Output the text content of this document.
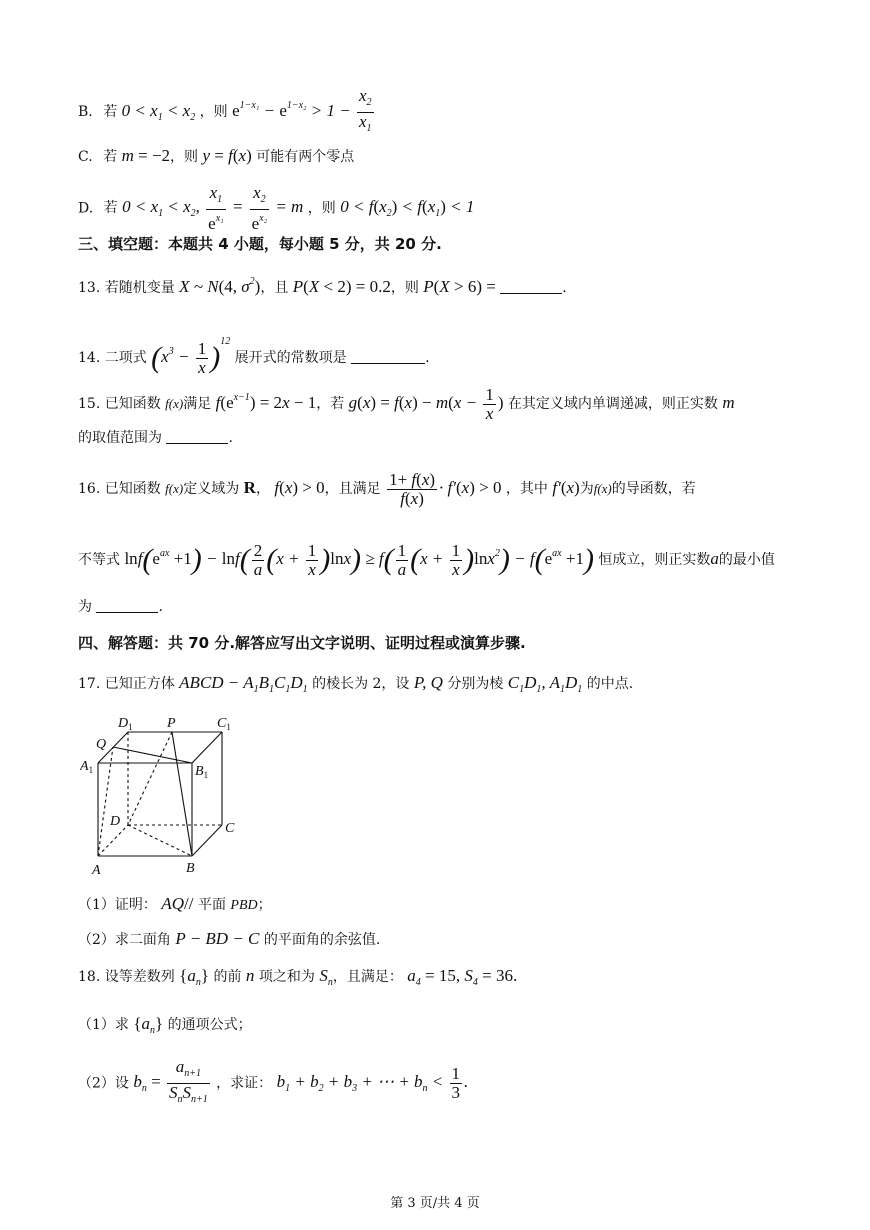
B. 若 $0 < x_1 < x_2$ ，则 $e^{1-x_1} - e^{1-x_2} > 1 - \frac{x_2}{x_1}$
C. 若 m = −2，则 y = f(x) 可能有两个零点
D. 若 $0 < x_1 < x_2$, $\frac{x_1}{e^{x_1}} = \frac{x_2}{e^{x_2}} = m$ ，则 $0 < f(x_2) < f(x_1) < 1$
三、填空题：本题共 4 小题，每小题 5 分，共 20 分.
13. 若随机变量 X ~ N(4, $\sigma^2$)，且 P(X < 2) = 0.2，则 P(X > 6) =	.
14. 二项式 $(x^3 - \frac{1}{x} )^{12}$ 展开式的常数项是	.
15. 已知函数 f(x)满足 $f(e^{x-1}) = 2x - 1$，若 $g(x) = f(x) - m(x - \frac{1}{x}$ ) 在其定义域内单调递减，则正实数 m
的取值范围为	.
16. 已知函数 f(x)定义域为 R， f(x) > 0，且满足 $\frac{1+ f(x)}{f(x)} \cdot f'(x) > 0$ ，其中 f′(x)为f(x)的导函数，若
不等式 $\ln f(e^{ax} +1) - \ln f( \frac{2}{a} (x + \frac{1}{x} )\ln x) \ge f( \frac{1}{a} (x + \frac{1}{x} )\ln x^2) - f(e^{ax} +1)$ 恒成立，则正实数a的最小值
为	.
四、解答题：共 70 分.解答应写出文字说明、证明过程或演算步骤.
17. 已知正方体 ABCD − $A_1B_1C_1D_1$ 的棱长为 2，设 P, Q 分别为棱 $C_1D_1$, $A_1D_1$ 的中点.
$D_1$ P	$C_1$
Q
$A_1$	$B_1$
D	C
A	B
（1）证明： AQ// 平面 PBD；
（2）求二面角 P − BD − C 的平面角的余弦值.
18. 设等差数列 $\{a_n\}$ 的前 n 项之和为 $S_n$，且满足： $a_4 = 15$, $S_4 = 36$.
（1）求 $\{a_n\}$ 的通项公式；
（2）设 $b_n = \frac{a_{n+1}}{S_nS_{n+1}}$ ，求证： $b_1 + b_2 + b_3$ + ⋯ + $b_n < \frac{1}{3}$ .
第 3 页/共 4 页
